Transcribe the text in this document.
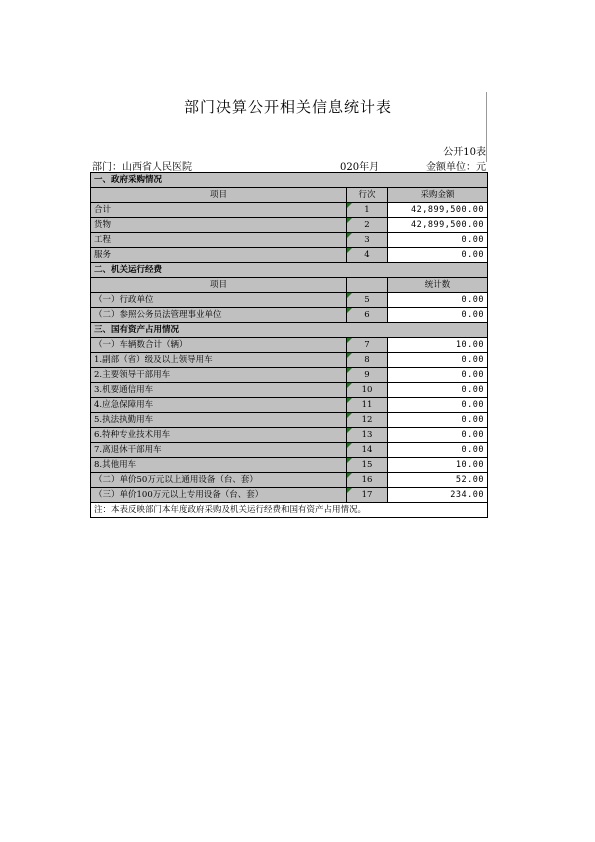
部门决算公开相关信息统计表
公开10表
部门：山西省人民医院	020年月	金额单位：元
一、政府采购情况		
项目	行次	采购金额
合计	1	42,899,500.00
货物	2	42,899,500.00
工程	3	0.00
服务	4	0.00
二、机关运行经费		
项目		统计数
（一）行政单位	5	0.00
（二）参照公务员法管理事业单位	6	0.00
三、国有资产占用情况		
（一）车辆数合计（辆）	7	10.00
1.副部（省）级及以上领导用车	8	0.00
2.主要领导干部用车	9	0.00
3.机要通信用车	10	0.00
4.应急保障用车	11	0.00
5.执法执勤用车	12	0.00
6.特种专业技术用车	13	0.00
7.离退休干部用车	14	0.00
8.其他用车	15	10.00
（二）单价50万元以上通用设备（台、套）	16	52.00
（三）单价100万元以上专用设备（台、套）	17	234.00
注：本表反映部门本年度政府采购及机关运行经费和国有资产占用情况。		
